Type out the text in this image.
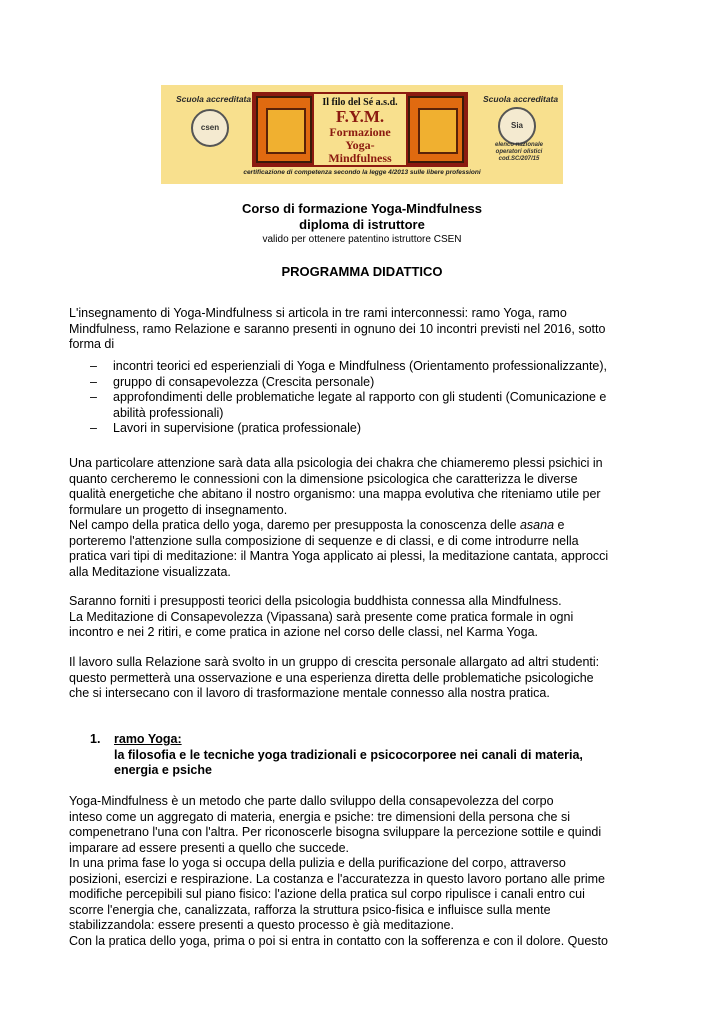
Scuola accreditata
csen
Il filo del Sé a.s.d.
F.Y.M.
Formazione
Yoga-Mindfulness
Scuola accreditata
Sia
elenco nazionale
operatori olistici
cod.SC/207/15
certificazione di competenza secondo la legge 4/2013 sulle libere professioni
Corso di formazione Yoga-Mindfulness
diploma di istruttore
valido per ottenere patentino istruttore CSEN
PROGRAMMA DIDATTICO

L'insegnamento di Yoga-Mindfulness si articola in tre rami interconnessi: ramo Yoga, ramo

Mindfulness, ramo Relazione e saranno presenti in ognuno dei 10 incontri previsti nel 2016, sotto

forma di

– incontri teorici ed esperienziali di Yoga e Mindfulness (Orientamento professionalizzante),
– gruppo di consapevolezza (Crescita personale)
– approfondimenti delle problematiche legate al rapporto con gli studenti (Comunicazione e
abilità professionali)
– Lavori in supervisione (pratica professionale)

Una particolare attenzione sarà data alla psicologia dei chakra che chiameremo plessi psichici in

quanto cercheremo le connessioni con la dimensione psicologica che caratterizza le diverse

qualità energetiche che abitano il nostro organismo: una mappa evolutiva che riteniamo utile per

formulare un progetto di insegnamento.

Nel campo della pratica dello yoga, daremo per presupposta la conoscenza delle asana e

porteremo l'attenzione sulla composizione di sequenze e di classi, e di come introdurre nella

pratica vari tipi di meditazione: il Mantra Yoga applicato ai plessi, la meditazione cantata, approcci

alla Meditazione visualizzata.

Saranno forniti i presupposti teorici della psicologia buddhista connessa alla Mindfulness.

La Meditazione di Consapevolezza (Vipassana) sarà presente come pratica formale in ogni

incontro e nei 2 ritiri, e come pratica in azione nel corso delle classi, nel Karma Yoga.

Il lavoro sulla Relazione sarà svolto in un gruppo di crescita personale allargato ad altri studenti:

questo permetterà una osservazione e una esperienza diretta delle problematiche psicologiche

che si intersecano con il lavoro di trasformazione mentale connesso alla nostra pratica.

1. ramo Yoga:
la filosofia e le tecniche yoga tradizionali e psicocorporee nei canali di materia,
energia e psiche

Yoga-Mindfulness è un metodo che parte dallo sviluppo della consapevolezza del corpo

inteso come un aggregato di materia, energia e psiche: tre dimensioni della persona che si

compenetrano l'una con l'altra. Per riconoscerle bisogna sviluppare la percezione sottile e quindi

imparare ad essere presenti a quello che succede.

In una prima fase lo yoga si occupa della pulizia e della purificazione del corpo, attraverso

posizioni, esercizi e respirazione. La costanza e l'accuratezza in questo lavoro portano alle prime

modifiche percepibili sul piano fisico: l'azione della pratica sul corpo ripulisce i canali entro cui

scorre l'energia che, canalizzata, rafforza la struttura psico-fisica e influisce sulla mente

stabilizzandola: essere presenti a questo processo è già meditazione.

Con la pratica dello yoga, prima o poi si entra in contatto con la sofferenza e con il dolore. Questo
